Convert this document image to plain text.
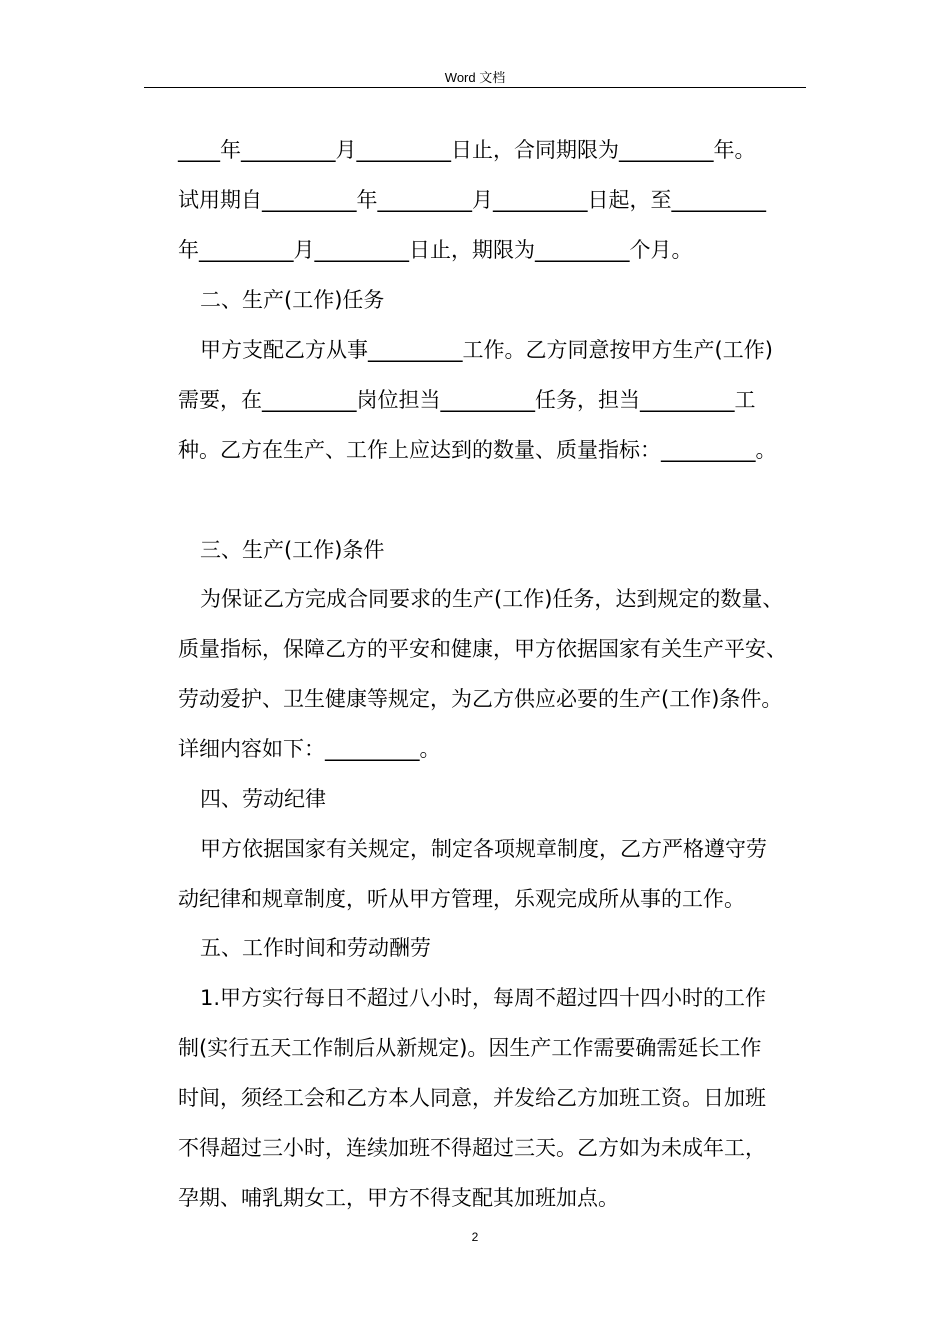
Word 文档
____年_________月_________日止，合同期限为_________年。
试用期自_________年_________月_________日起，至_________
年_________月_________日止，期限为_________个月。
二、生产(工作)任务
甲方支配乙方从事_________工作。乙方同意按甲方生产(工作)
需要，在_________岗位担当_________任务，担当_________工
种。乙方在生产、工作上应达到的数量、质量指标：_________。
三、生产(工作)条件
为保证乙方完成合同要求的生产(工作)任务，达到规定的数量、
质量指标，保障乙方的平安和健康，甲方依据国家有关生产平安、
劳动爱护、卫生健康等规定，为乙方供应必要的生产(工作)条件。
详细内容如下：_________。
四、劳动纪律
甲方依据国家有关规定，制定各项规章制度，乙方严格遵守劳
动纪律和规章制度，听从甲方管理，乐观完成所从事的工作。
五、工作时间和劳动酬劳
1.甲方实行每日不超过八小时，每周不超过四十四小时的工作
制(实行五天工作制后从新规定)。因生产工作需要确需延长工作
时间，须经工会和乙方本人同意，并发给乙方加班工资。日加班
不得超过三小时，连续加班不得超过三天。乙方如为未成年工，
孕期、哺乳期女工，甲方不得支配其加班加点。
2
